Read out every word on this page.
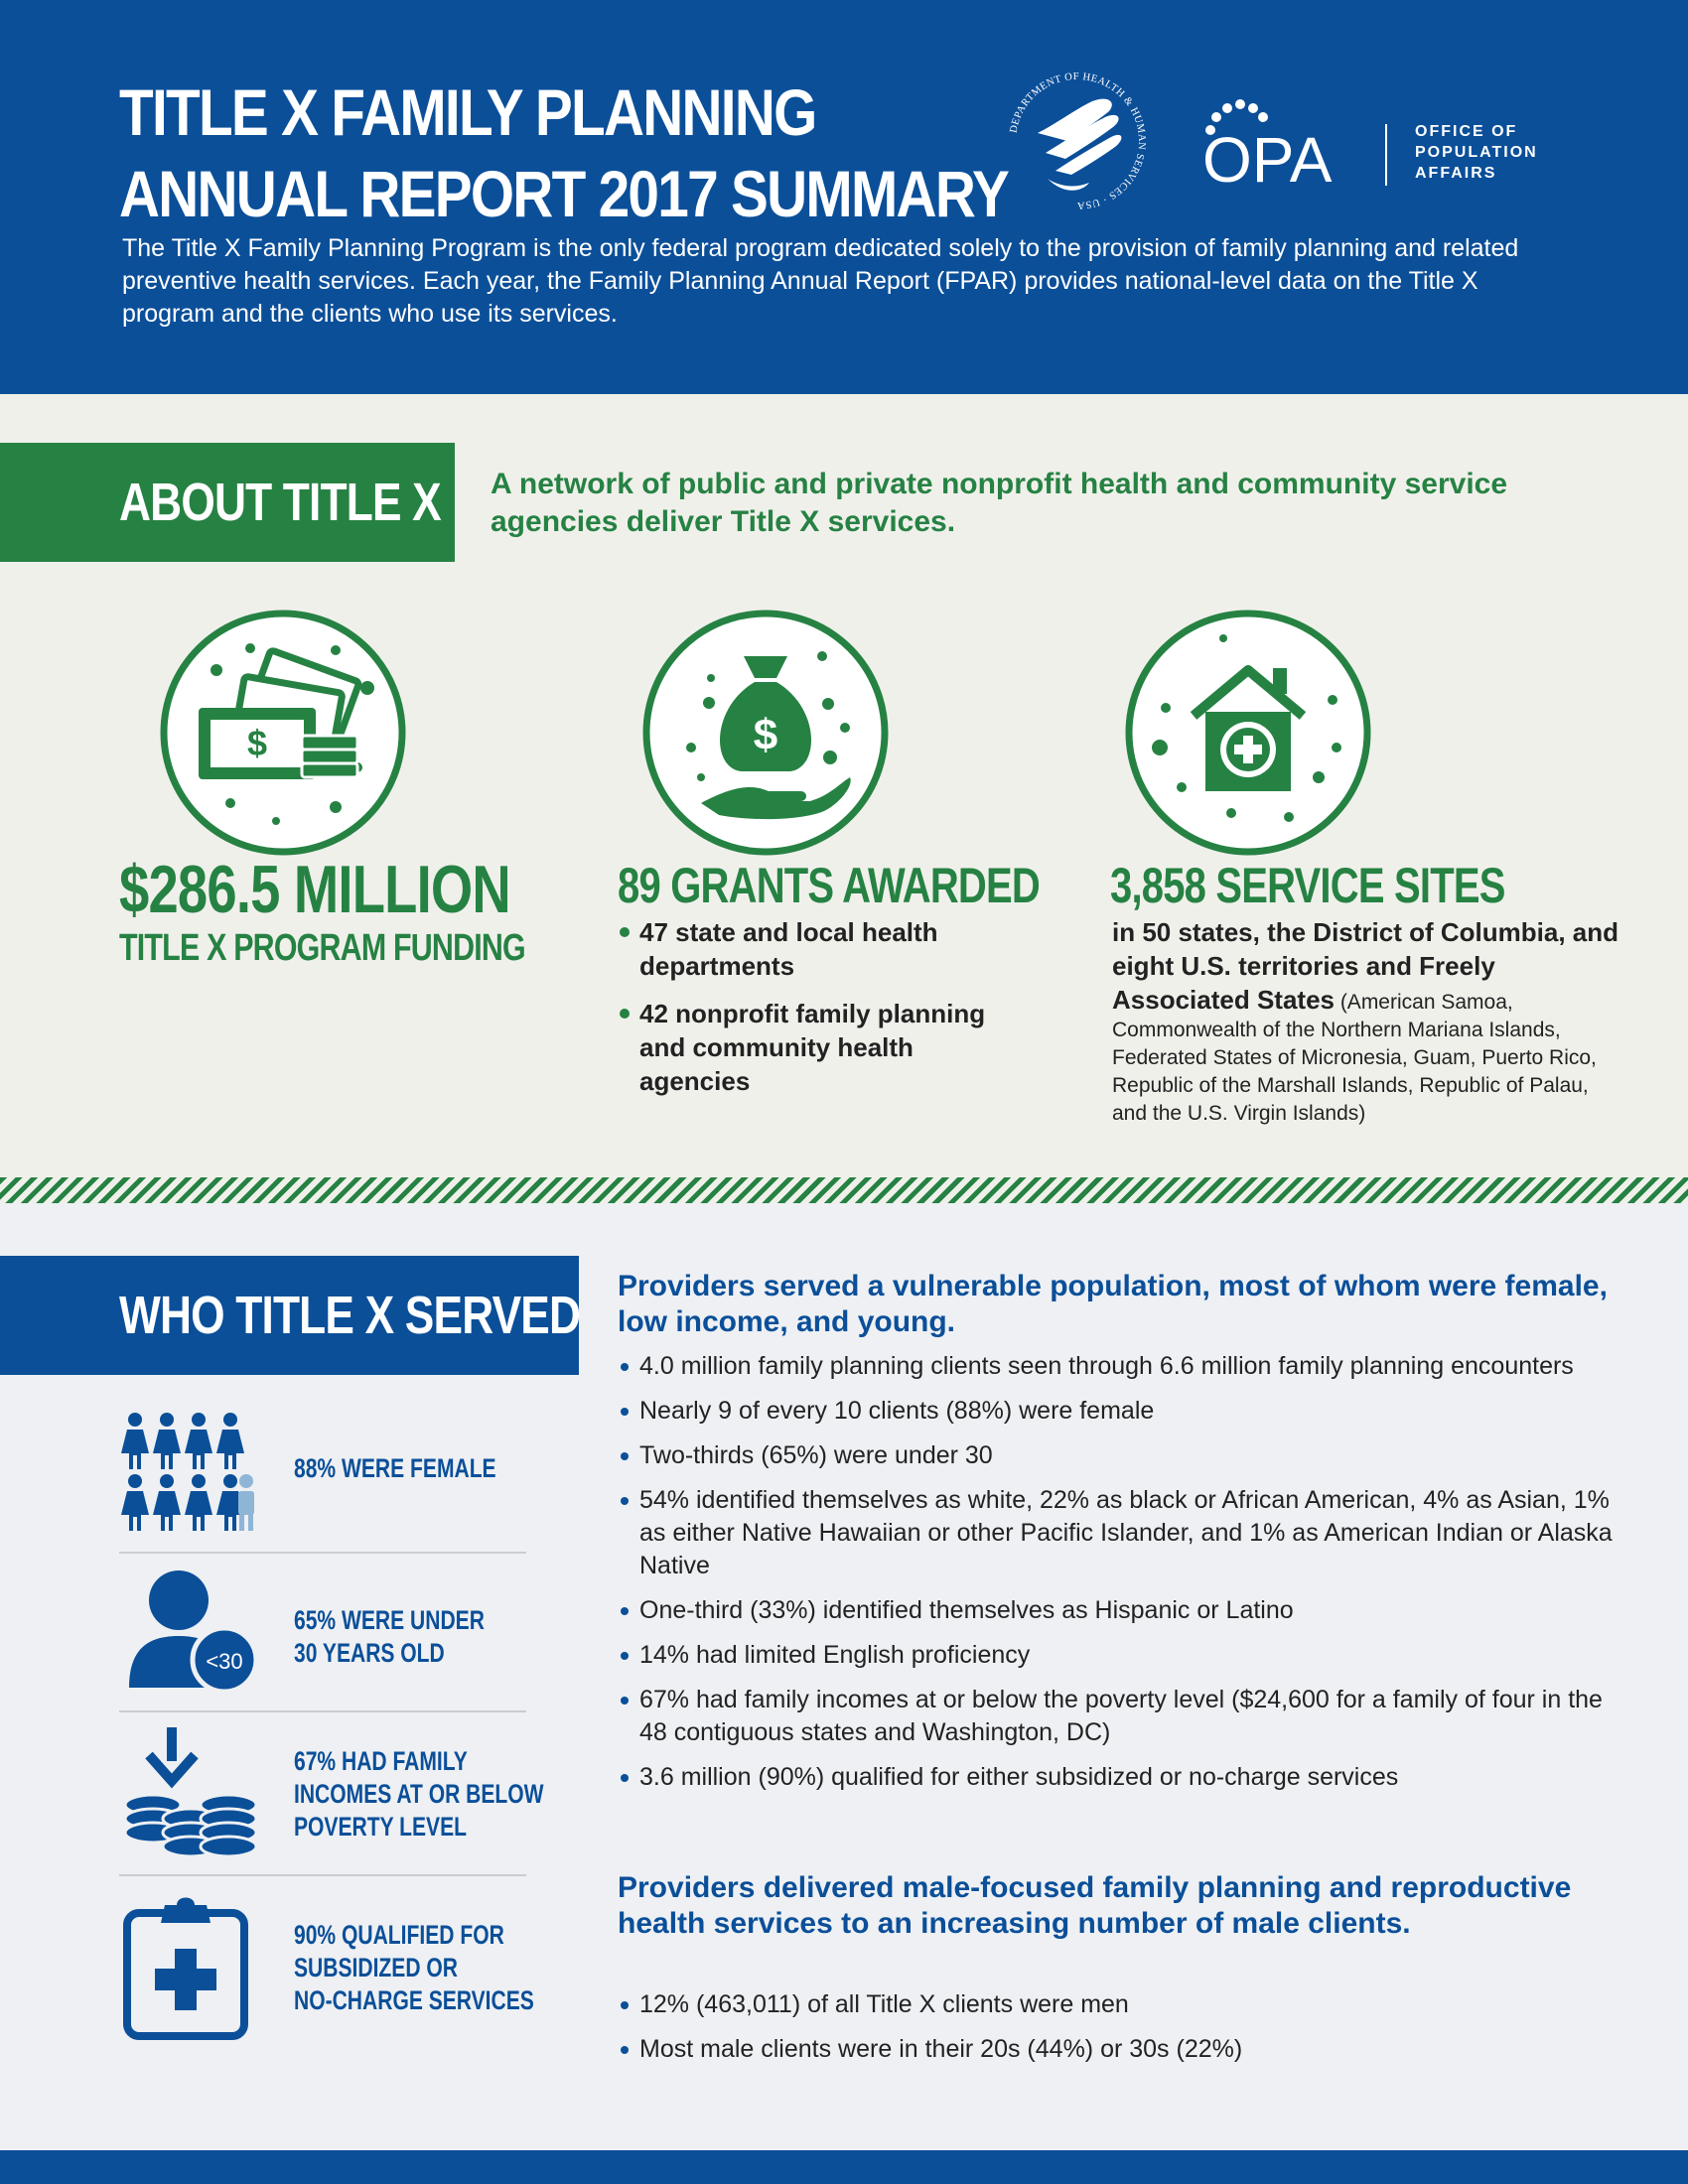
TITLE X FAMILY PLANNING
ANNUAL REPORT 2017 SUMMARY

The Title X Family Planning Program is the only federal program dedicated solely to the provision of family planning and related preventive health services. Each year, the Family Planning Annual Report (FPAR) provides national-level data on the Title X program and the clients who use its services.

DEPARTMENT OF HEALTH & HUMAN SERVICES · USA
OPA	OFFICE OF
POPULATION
AFFAIRS
ABOUT TITLE X A network of public and private nonprofit health and community service agencies deliver Title X services.

$	$
$286.5 MILLION
TITLE X PROGRAM FUNDING
89 GRANTS AWARDED
47 state and local health departments
42 nonprofit family planning and community health agencies
3,858 SERVICE SITES

in 50 states, the District of Columbia, and eight U.S. territories and Freely Associated States (American Samoa, Commonwealth of the Northern Mariana Islands, Federated States of Micronesia, Guam, Puerto Rico, Republic of the Marshall Islands, Republic of Palau, and the U.S. Virgin Islands)

WHO TITLE X SERVED
88% WERE FEMALE
<30
65% WERE UNDER
30 YEARS OLD
67% HAD FAMILY
INCOMES AT OR BELOW
POVERTY LEVEL
90% QUALIFIED FOR
SUBSIDIZED OR
NO-CHARGE SERVICES
Providers served a vulnerable population, most of whom were female, low income, and young.
4.0 million family planning clients seen through 6.6 million family planning encounters
Nearly 9 of every 10 clients (88%) were female
Two-thirds (65%) were under 30
54% identified themselves as white, 22% as black or African American, 4% as Asian, 1% as either Native Hawaiian or other Pacific Islander, and 1% as American Indian or Alaska Native
One-third (33%) identified themselves as Hispanic or Latino
14% had limited English proficiency
67% had family incomes at or below the poverty level ($24,600 for a family of four in the 48 contiguous states and Washington, DC)
3.6 million (90%) qualified for either subsidized or no-charge services
Providers delivered male-focused family planning and reproductive health services to an increasing number of male clients.
12% (463,011) of all Title X clients were men
Most male clients were in their 20s (44%) or 30s (22%)
